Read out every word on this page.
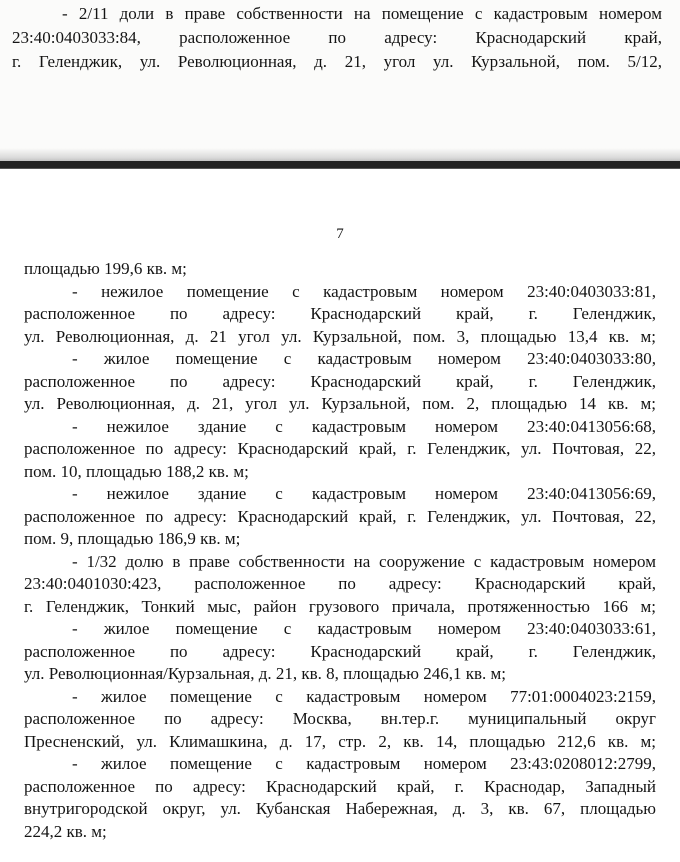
- 2/11 доли в праве собственности на помещение с кадастровым номером
23:40:0403033:84, расположенное по адресу: Краснодарский край,
г. Геленджик, ул. Революционная, д. 21, угол ул. Курзальной, пом. 5/12,
7
площадью 199,6 кв. м;
- нежилое помещение с кадастровым номером 23:40:0403033:81,
расположенное по адресу: Краснодарский край, г. Геленджик,
ул. Революционная, д. 21 угол ул. Курзальной, пом. 3, площадью 13,4 кв. м;
- жилое помещение с кадастровым номером 23:40:0403033:80,
расположенное по адресу: Краснодарский край, г. Геленджик,
ул. Революционная, д. 21, угол ул. Курзальной, пом. 2, площадью 14 кв. м;
- нежилое здание с кадастровым номером 23:40:0413056:68,
расположенное по адресу: Краснодарский край, г. Геленджик, ул. Почтовая, 22,
пом. 10, площадью 188,2 кв. м;
- нежилое здание с кадастровым номером 23:40:0413056:69,
расположенное по адресу: Краснодарский край, г. Геленджик, ул. Почтовая, 22,
пом. 9, площадью 186,9 кв. м;
- 1/32 долю в праве собственности на сооружение с кадастровым номером
23:40:0401030:423, расположенное по адресу: Краснодарский край,
г. Геленджик, Тонкий мыс, район грузового причала, протяженностью 166 м;
- жилое помещение с кадастровым номером 23:40:0403033:61,
расположенное по адресу: Краснодарский край, г. Геленджик,
ул. Революционная/Курзальная, д. 21, кв. 8, площадью 246,1 кв. м;
- жилое помещение с кадастровым номером 77:01:0004023:2159,
расположенное по адресу: Москва, вн.тер.г. муниципальный округ
Пресненский, ул. Климашкина, д. 17, стр. 2, кв. 14, площадью 212,6 кв. м;
- жилое помещение с кадастровым номером 23:43:0208012:2799,
расположенное по адресу: Краснодарский край, г. Краснодар, Западный
внутригородской округ, ул. Кубанская Набережная, д. 3, кв. 67, площадью
224,2 кв. м;
